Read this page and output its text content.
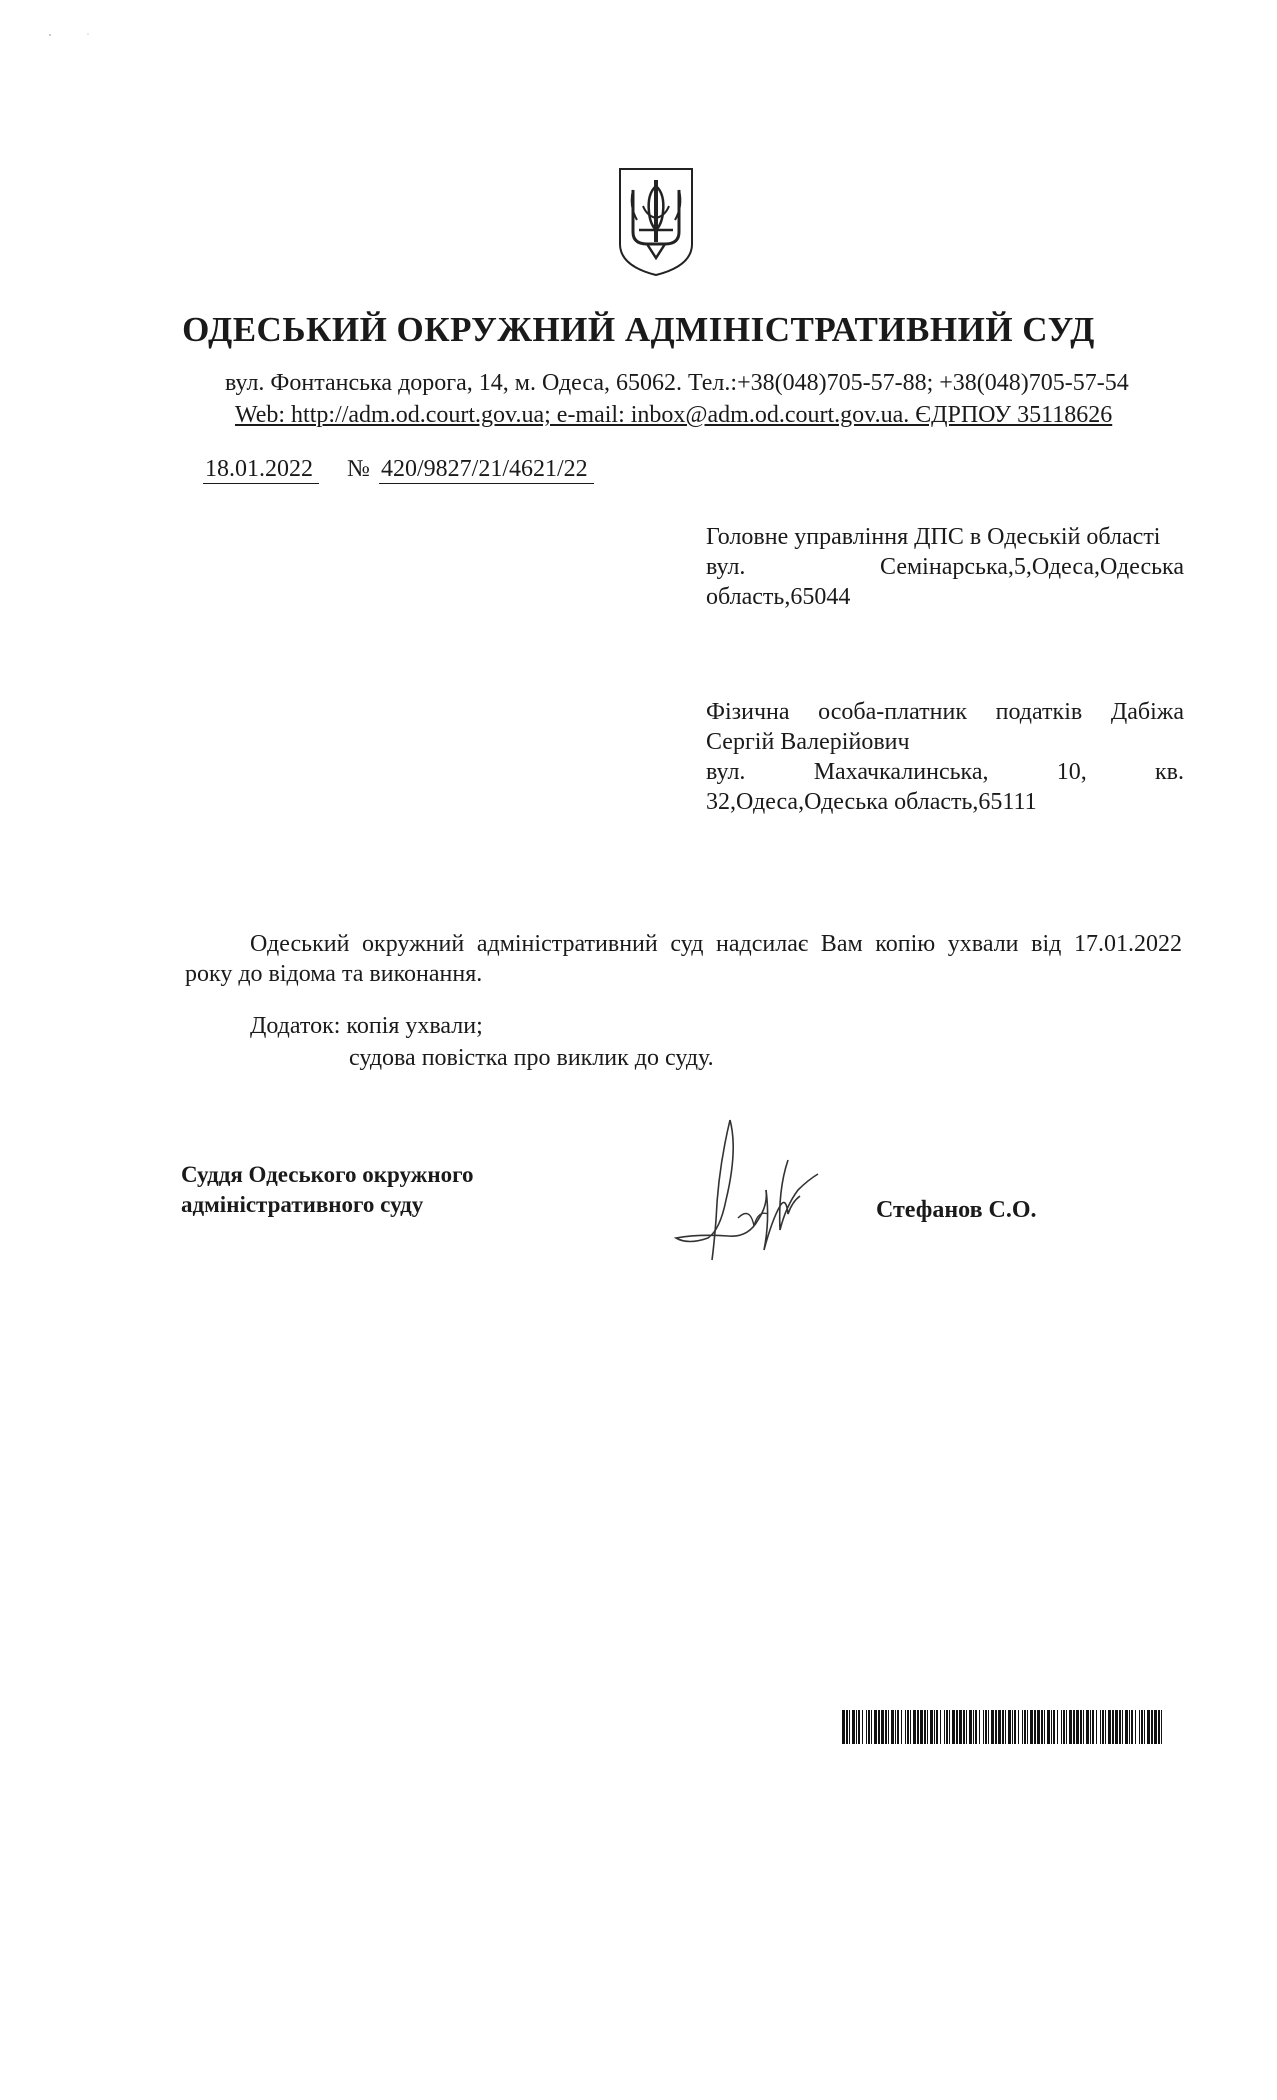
ОДЕСЬКИЙ ОКРУЖНИЙ АДМІНІСТРАТИВНИЙ СУД
вул. Фонтанська дорога, 14, м. Одеса, 65062. Тел.:+38(048)705-57-88; +38(048)705-57-54
Web: http://adm.od.court.gov.ua; e-mail: inbox@adm.od.court.gov.ua. ЄДРПОУ 35118626
18.01.2022 № 420/9827/21/4621/22
Головне управління ДПС в Одеській області
вул. Семінарська,5,Одеса,Одеська
область,65044
Фізична особа-платник податків Дабіжа
Сергій Валерійович
вул. Махачкалинська, 10, кв.
32,Одеса,Одеська область,65111
Одеський окружний адміністративний суд надсилає Вам копію ухвали від 17.01.2022
року до відома та виконання.
Додаток: копія ухвали;
судова повістка про виклик до суду.
Суддя Одеського окружного
адміністративного суду	Стефанов С.О.
